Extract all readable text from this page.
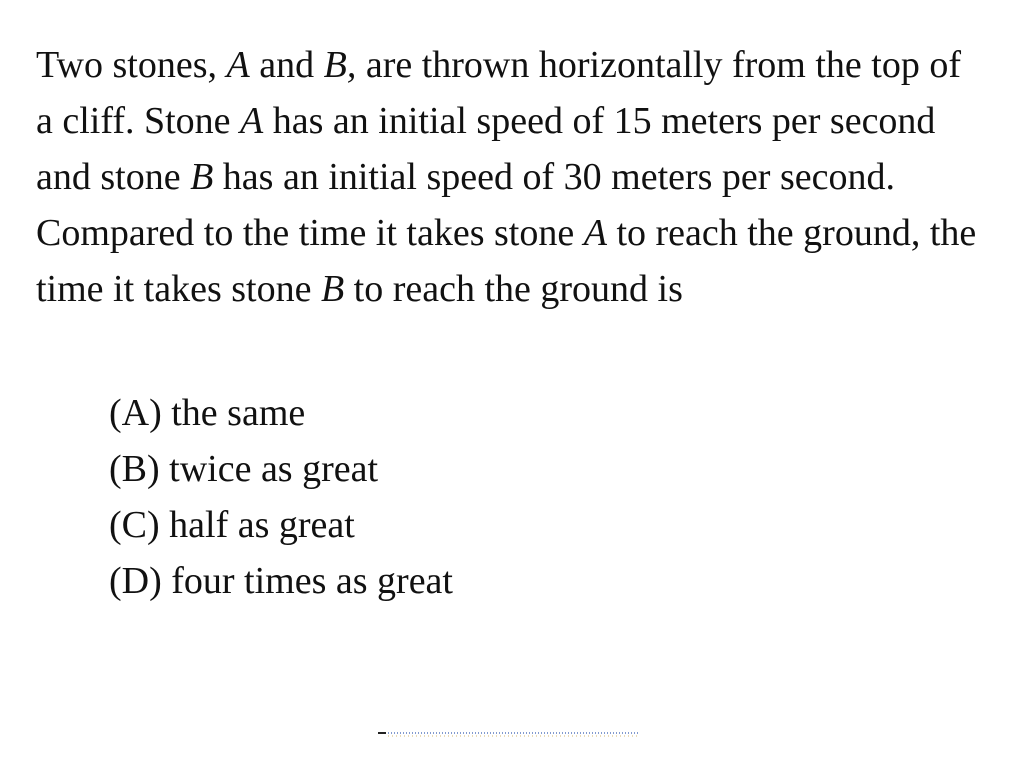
Two stones, A and B, are thrown horizontally from the top of a cliff. Stone A has an initial speed of 15 meters per second and stone B has an initial speed of 30 meters per second. Compared to the time it takes stone A to reach the ground, the time it takes stone B to reach the ground is

(A) the same
(B) twice as great
(C) half as great
(D) four times as great
